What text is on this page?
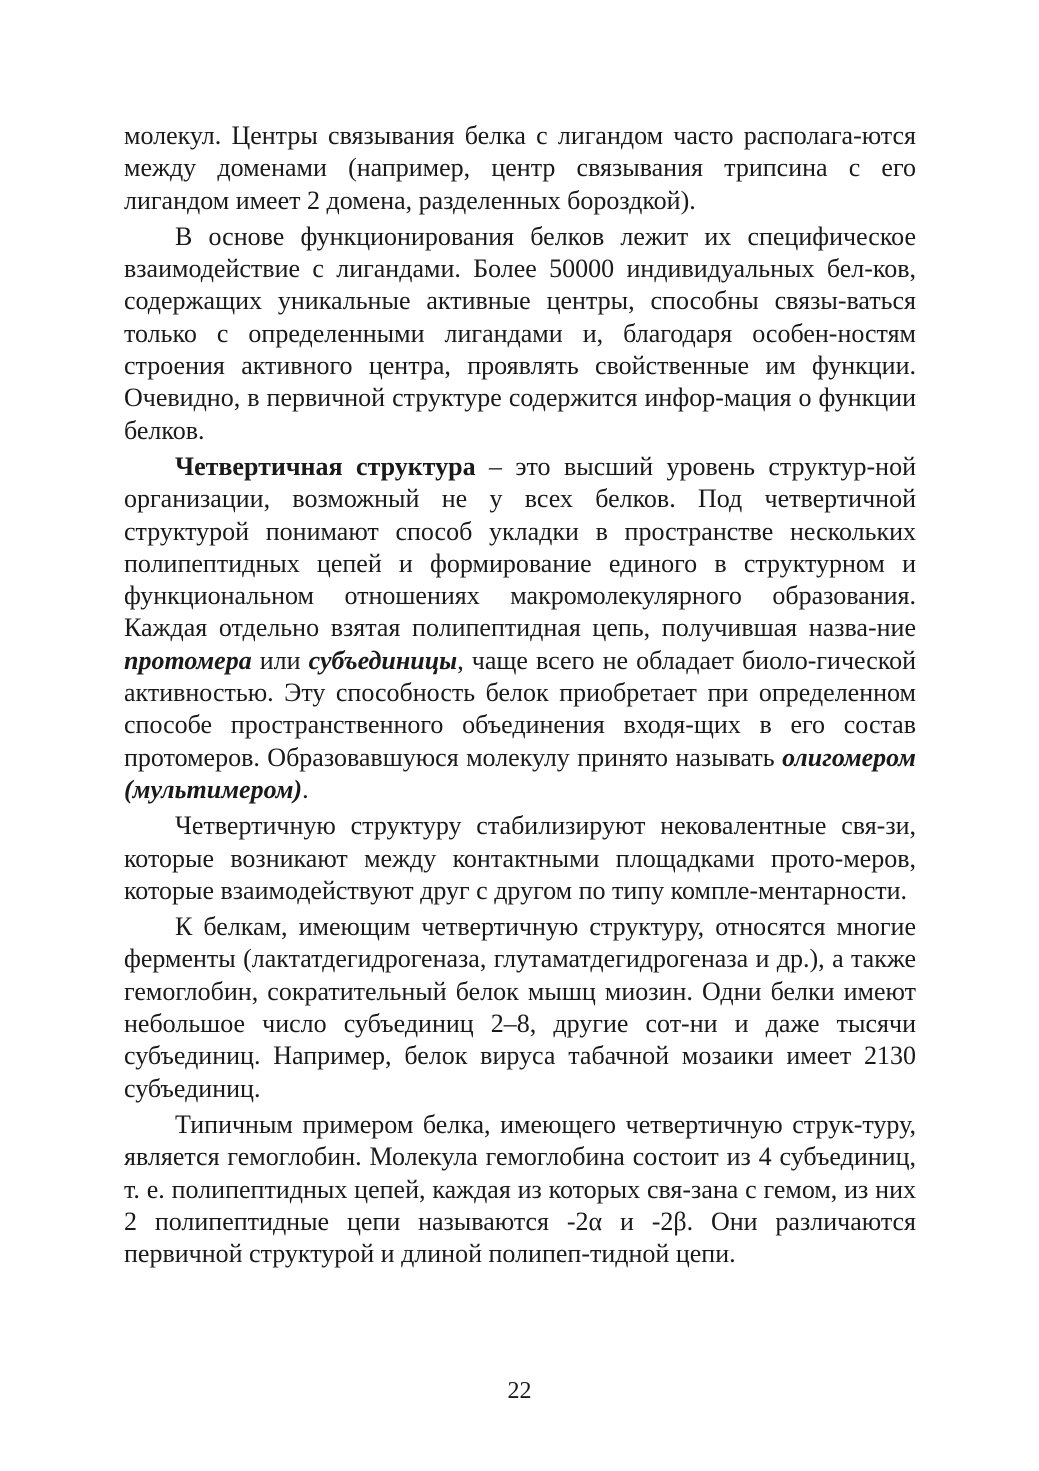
молекул. Центры связывания белка с лигандом часто располага-ются между доменами (например, центр связывания трипсина с его лигандом имеет 2 домена, разделенных бороздкой).

В основе функционирования белков лежит их специфическое взаимодействие с лигандами. Более 50000 индивидуальных бел-ков, содержащих уникальные активные центры, способны связы-ваться только с определенными лигандами и, благодаря особен-ностям строения активного центра, проявлять свойственные им функции. Очевидно, в первичной структуре содержится инфор-мация о функции белков.

Четвертичная структура – это высший уровень структур-ной организации, возможный не у всех белков. Под четвертичной структурой понимают способ укладки в пространстве нескольких полипептидных цепей и формирование единого в структурном и функциональном отношениях макромолекулярного образования. Каждая отдельно взятая полипептидная цепь, получившая назва-ние протомера или субъединицы, чаще всего не обладает биоло-гической активностью. Эту способность белок приобретает при определенном способе пространственного объединения входя-щих в его состав протомеров. Образовавшуюся молекулу принято называть олигомером (мультимером).

Четвертичную структуру стабилизируют нековалентные свя-зи, которые возникают между контактными площадками прото-меров, которые взаимодействуют друг с другом по типу компле-ментарности.

К белкам, имеющим четвертичную структуру, относятся многие ферменты (лактатдегидрогеназа, глутаматдегидрогеназа и др.), а также гемоглобин, сократительный белок мышц миозин. Одни белки имеют небольшое число субъединиц 2–8, другие сот-ни и даже тысячи субъединиц. Например, белок вируса табачной мозаики имеет 2130 субъединиц.

Типичным примером белка, имеющего четвертичную струк-туру, является гемоглобин. Молекула гемоглобина состоит из 4 субъединиц, т. е. полипептидных цепей, каждая из которых свя-зана с гемом, из них 2 полипептидные цепи называются -2α и -2β. Они различаются первичной структурой и длиной полипеп-тидной цепи.

22
